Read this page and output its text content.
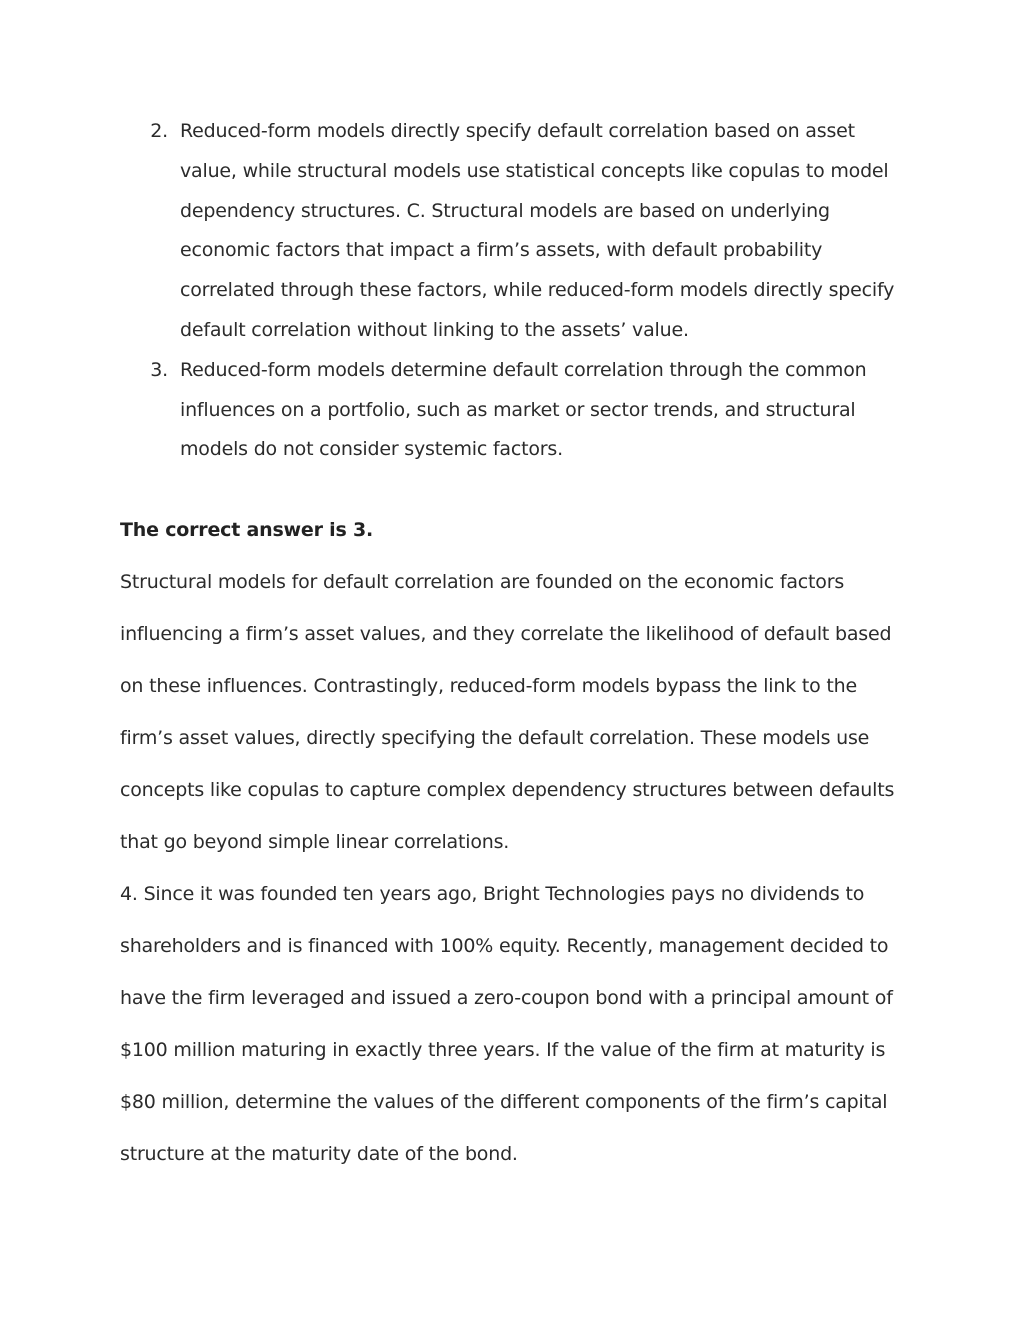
2. Reduced-form models directly specify default correlation based on asset value, while structural models use statistical concepts like copulas to model dependency structures. C. Structural models are based on underlying economic factors that impact a firm’s assets, with default probability correlated through these factors, while reduced-form models directly specify default correlation without linking to the assets’ value.
3. Reduced-form models determine default correlation through the common influences on a portfolio, such as market or sector trends, and structural models do not consider systemic factors.

The correct answer is 3.

Structural models for default correlation are founded on the economic factors influencing a firm’s asset values, and they correlate the likelihood of default based on these influences. Contrastingly, reduced-form models bypass the link to the firm’s asset values, directly specifying the default correlation. These models use concepts like copulas to capture complex dependency structures between defaults that go beyond simple linear correlations.

4. Since it was founded ten years ago, Bright Technologies pays no dividends to shareholders and is financed with 100% equity. Recently, management decided to have the firm leveraged and issued a zero-coupon bond with a principal amount of $100 million maturing in exactly three years. If the value of the firm at maturity is $80 million, determine the values of the different components of the firm’s capital structure at the maturity date of the bond.
